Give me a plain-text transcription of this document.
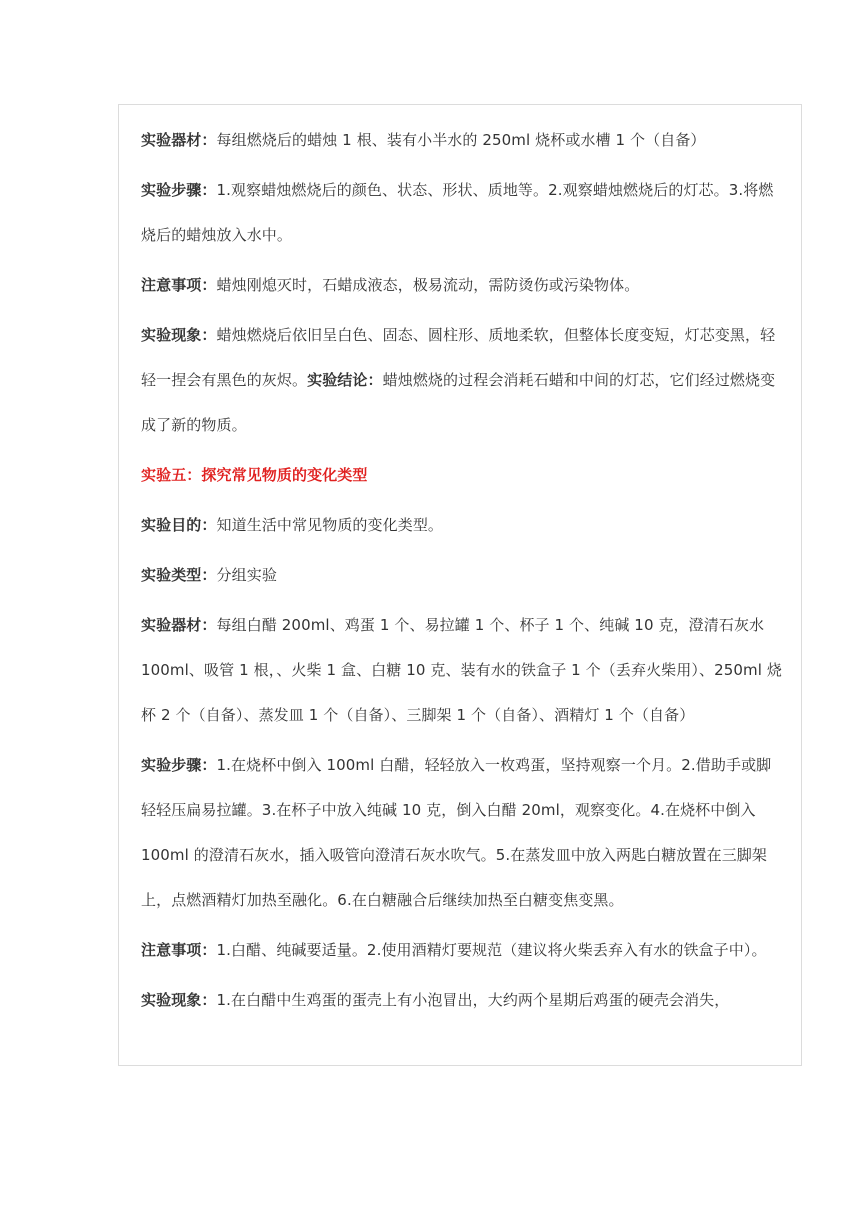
实验器材：每组燃烧后的蜡烛 1 根、装有小半水的 250ml 烧杯或水槽 1 个（自备）

实验步骤：1.观察蜡烛燃烧后的颜色、状态、形状、质地等。2.观察蜡烛燃烧后的灯芯。3.将燃烧后的蜡烛放入水中。

注意事项：蜡烛刚熄灭时，石蜡成液态，极易流动，需防烫伤或污染物体。

实验现象：蜡烛燃烧后依旧呈白色、固态、圆柱形、质地柔软，但整体长度变短，灯芯变黑，轻轻一捏会有黑色的灰烬。实验结论：蜡烛燃烧的过程会消耗石蜡和中间的灯芯，它们经过燃烧变成了新的物质。

实验五：探究常见物质的变化类型

实验目的：知道生活中常见物质的变化类型。

实验类型：分组实验

实验器材：每组白醋 200ml、鸡蛋 1 个、易拉罐 1 个、杯子 1 个、纯碱 10 克，澄清石灰水 100ml、吸管 1 根，、火柴 1 盒、白糖 10 克、装有水的铁盒子 1 个（丢弃火柴用）、250ml 烧杯 2 个（自备）、蒸发皿 1 个（自备）、三脚架 1 个（自备）、酒精灯 1 个（自备）

实验步骤：1.在烧杯中倒入 100ml 白醋，轻轻放入一枚鸡蛋，坚持观察一个月。2.借助手或脚轻轻压扁易拉罐。3.在杯子中放入纯碱 10 克，倒入白醋 20ml，观察变化。4.在烧杯中倒入 100ml 的澄清石灰水，插入吸管向澄清石灰水吹气。5.在蒸发皿中放入两匙白糖放置在三脚架上，点燃酒精灯加热至融化。6.在白糖融合后继续加热至白糖变焦变黑。

注意事项：1.白醋、纯碱要适量。2.使用酒精灯要规范（建议将火柴丢弃入有水的铁盒子中）。

实验现象：1.在白醋中生鸡蛋的蛋壳上有小泡冒出，大约两个星期后鸡蛋的硬壳会消失，
